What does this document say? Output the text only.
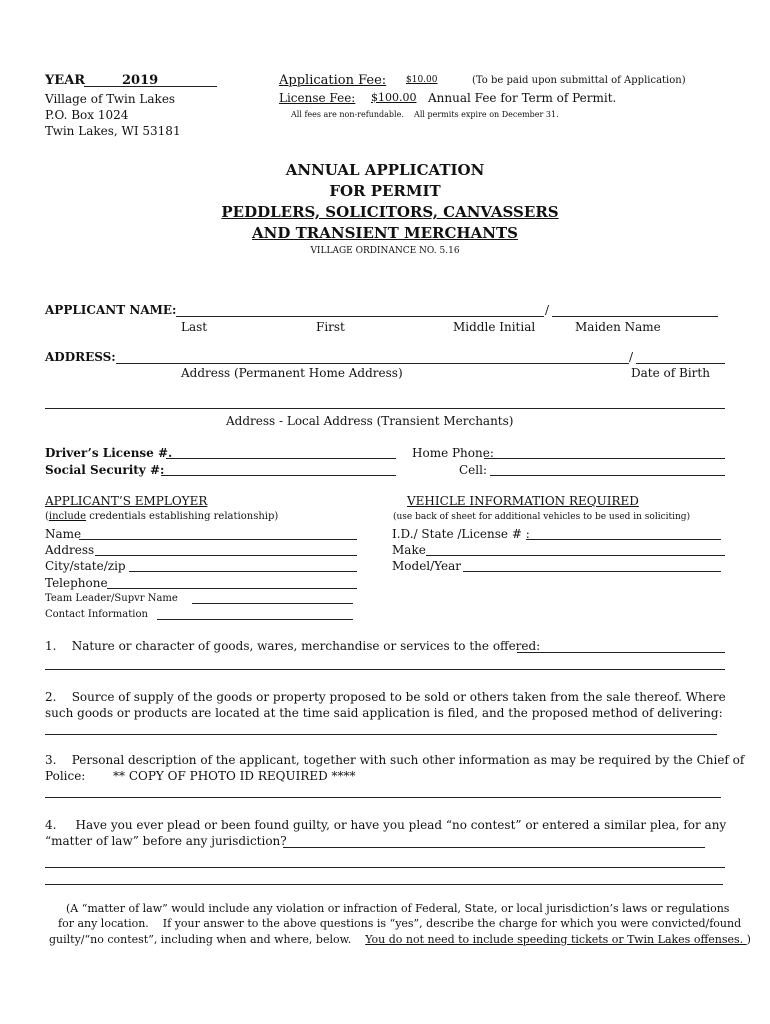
YEAR	2019
Village of Twin Lakes
P.O. Box 1024
Twin Lakes, WI 53181
Application Fee: $10.00	(To be paid upon submittal of Application)
License Fee: $100.00 Annual Fee for Term of Permit.
All fees are non-refundable.    All permits expire on December 31.
ANNUAL APPLICATION
FOR PERMIT
PEDDLERS, SOLICITORS, CANVASSERS
AND TRANSIENT MERCHANTS
VILLAGE ORDINANCE NO. 5.16
APPLICANT NAME:	/
Last	First	Middle Initial	Maiden Name
ADDRESS:	/
Address (Permanent Home Address)	Date of Birth
Address - Local Address (Transient Merchants)
Driver’s License #.
Social Security #:
Home Phone:
Cell:
APPLICANT’S EMPLOYER
(include credentials establishing relationship)
Name
Address
City/state/zip
Telephone
Team Leader/Supvr Name
Contact Information
VEHICLE INFORMATION REQUIRED
(use back of sheet for additional vehicles to be used in soliciting)
I.D./ State /License # :
Make
Model/Year
1.    Nature or character of goods, wares, merchandise or services to the offered:
2.    Source of supply of the goods or property proposed to be sold or others taken from the sale thereof. Where
such goods or products are located at the time said application is filed, and the proposed method of delivering:
3.    Personal description of the applicant, together with such other information as may be required by the Chief of
Police: ** COPY OF PHOTO ID REQUIRED ****
4.     Have you ever plead or been found guilty, or have you plead “no contest” or entered a similar plea, for any
“matter of law” before any jurisdiction?
(A “matter of law” would include any violation or infraction of Federal, State, or local jurisdiction’s laws or regulations
for any location.    If your answer to the above questions is “yes”, describe the charge for which you were convicted/found
guilty/“no contest”, including when and where, below.    You do not need to include speeding tickets or Twin Lakes offenses. )
